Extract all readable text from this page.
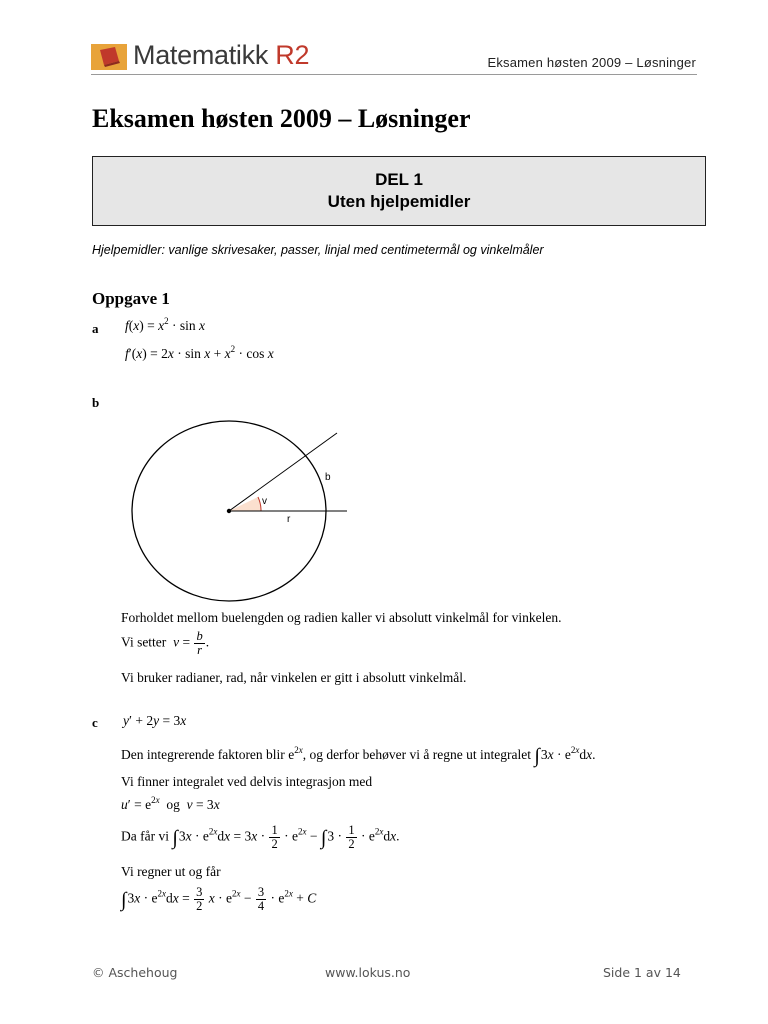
Matematikk R2	Eksamen høsten 2009 – Løsninger
Eksamen høsten 2009 – Løsninger
DEL 1
Uten hjelpemidler
Hjelpemidler: vanlige skrivesaker, passer, linjal med centimetermål og vinkelmåler
Oppgave 1
a $f(x) = x^2 \cdot \sin x$
$f'(x) = 2x \cdot \sin x + x^2 \cdot \cos x$
b
b
v
r
Forholdet mellom buelengden og radien kaller vi absolutt vinkelmål for vinkelen.
Vi setter  $v = \frac{b}{r}$ .
Vi bruker radianer, rad, når vinkelen er gitt i absolutt vinkelmål.
c y′ + 2y = 3x
Den integrerende faktoren blir $e^{2x}$, og derfor behøver vi å regne ut integralet $\int 3x \cdot e^{2x}dx$.
Vi finner integralet ved delvis integrasjon med
$u' = e^{2x}$ og v = 3x
Da får vi $\int 3x \cdot e^{2x}dx = 3x \cdot \frac{1}{2} \cdot e^{2x} - \int 3 \cdot \frac{1}{2} \cdot e^{2x}dx$.
Vi regner ut og får
$\int 3x \cdot e^{2x}dx = \frac{3}{2}$ $x \cdot e^{2x} - \frac{3}{4} \cdot e^{2x} + C$
© Aschehoug	www.lokus.no	Side 1 av 14
